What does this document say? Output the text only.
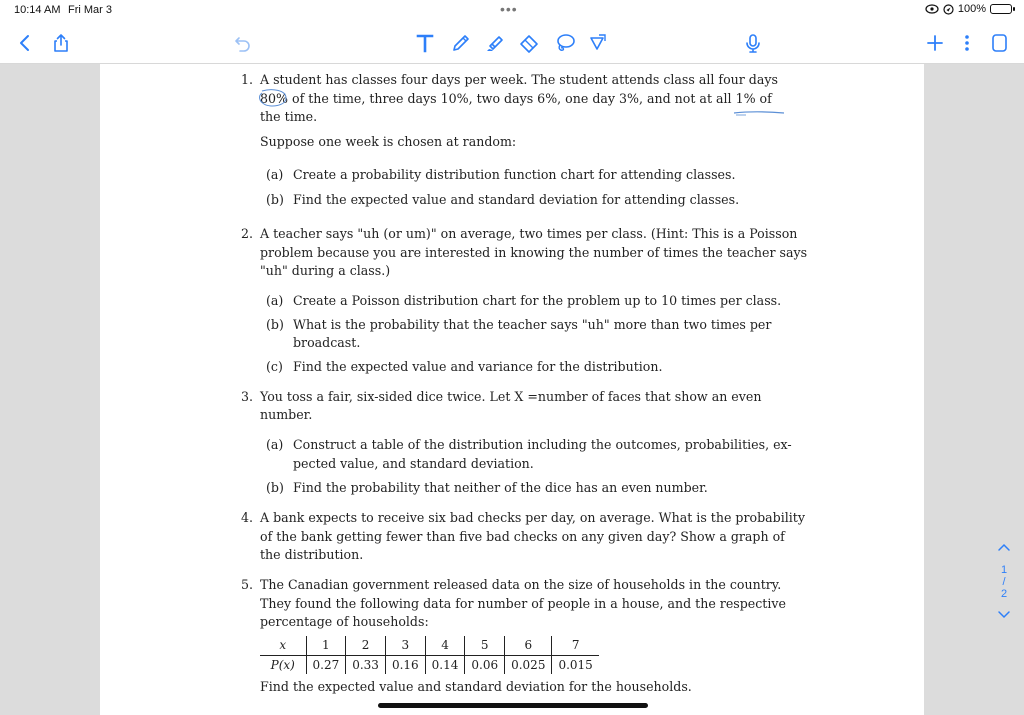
10:14 AM Fri Mar 3	•••	100%
1. A student has classes four days per week. The student attends class all four days
80% of the time, three days 10%, two days 6%, one day 3%, and not at all 1% of
the time.
Suppose one week is chosen at random:
(a) Create a probability distribution function chart for attending classes.
(b) Find the expected value and standard deviation for attending classes.
2. A teacher says "uh (or um)" on average, two times per class. (Hint: This is a Poisson
problem because you are interested in knowing the number of times the teacher says
"uh" during a class.)
(a) Create a Poisson distribution chart for the problem up to 10 times per class.
(b) What is the probability that the teacher says "uh" more than two times per
broadcast.
(c) Find the expected value and variance for the distribution.
3. You toss a fair, six-sided dice twice. Let X =number of faces that show an even
number.
(a) Construct a table of the distribution including the outcomes, probabilities, ex-
pected value, and standard deviation.
(b) Find the probability that neither of the dice has an even number.
4. A bank expects to receive six bad checks per day, on average. What is the probability
of the bank getting fewer than five bad checks on any given day? Show a graph of
the distribution.
5. The Canadian government released data on the size of households in the country.
They found the following data for number of people in a house, and the respective
percentage of households:
x	1	2	3	4	5	6	7
P(x)	0.27	0.33	0.16	0.14	0.06	0.025	0.015
Find the expected value and standard deviation for the households.
1
/
2
